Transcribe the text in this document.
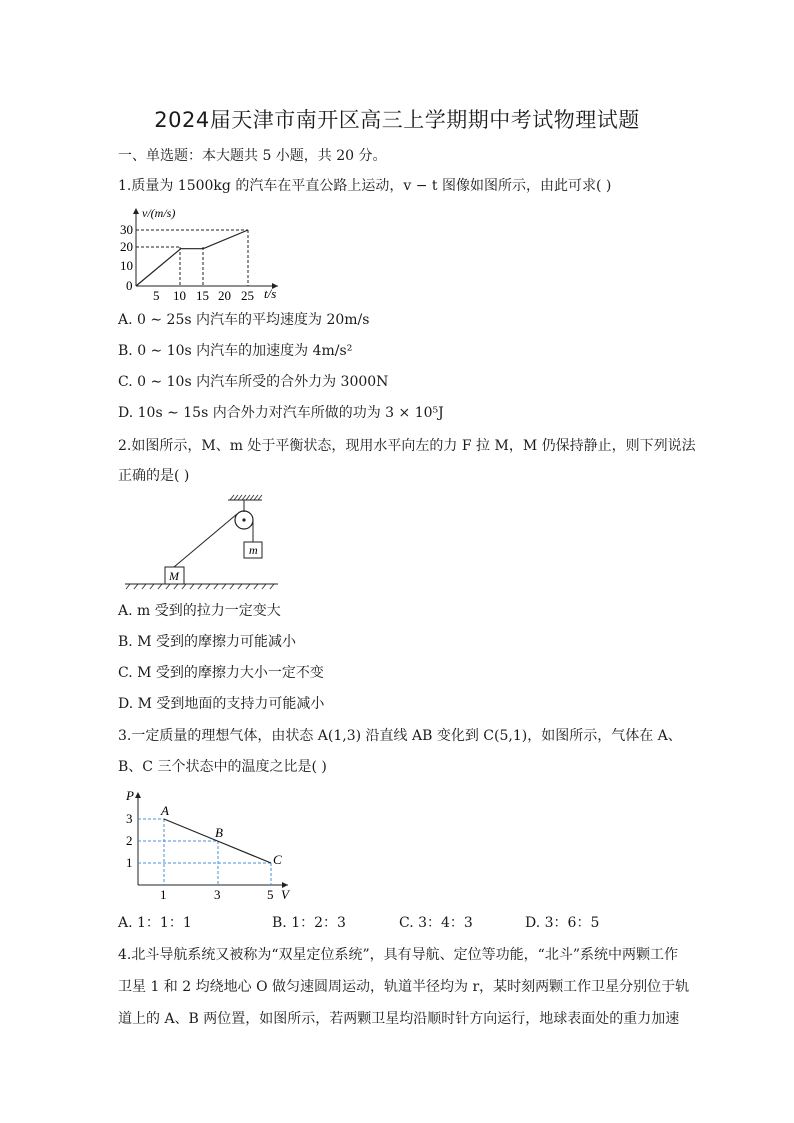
2024届天津市南开区高三上学期期中考试物理试题
一、单选题：本大题共 5 小题，共 20 分。
1.质量为 1500kg 的汽车在平直公路上运动，v − t 图像如图所示，由此可求( )
v/(m/s)
30
20
10
0
5 10 15 20 25 t/s
A. 0 ∼ 25s 内汽车的平均速度为 20m/s
B. 0 ∼ 10s 内汽车的加速度为 4m/s²
C. 0 ∼ 10s 内汽车所受的合外力为 3000N
D. 10s ∼ 15s 内合外力对汽车所做的功为 3 × 10⁵J
2.如图所示，M、m 处于平衡状态，现用水平向左的力 F 拉 M，M 仍保持静止，则下列说法
正确的是( )
m
M
A. m 受到的拉力一定变大
B. M 受到的摩擦力可能减小
C. M 受到的摩擦力大小一定不变
D. M 受到地面的支持力可能减小
3.一定质量的理想气体，由状态 A(1,3) 沿直线 AB 变化到 C(5,1)，如图所示，气体在 A、
B、C 三个状态中的温度之比是( )
P
3
2
1
1	3	5 V
A
B
C
A. 1：1：1	B. 1：2：3	C. 3：4：3	D. 3：6：5
4.北斗导航系统又被称为“双星定位系统”，具有导航、定位等功能，“北斗”系统中两颗工作
卫星 1 和 2 均绕地心 O 做匀速圆周运动，轨道半径均为 r，某时刻两颗工作卫星分别位于轨
道上的 A、B 两位置，如图所示，若两颗卫星均沿顺时针方向运行，地球表面处的重力加速
